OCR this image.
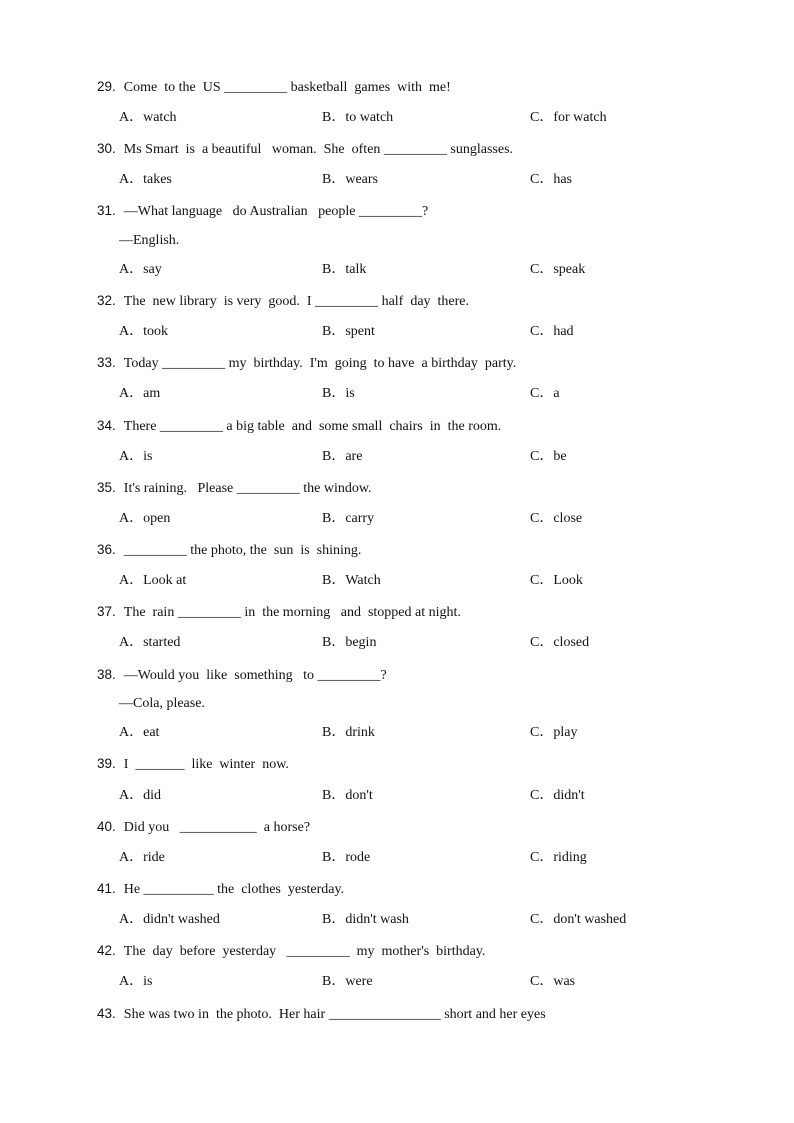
29. Come  to the  US _________ basketball  games  with  me!
A．watch	B．to watch	C．for watch
30. Ms Smart  is  a beautiful   woman.  She  often _________ sunglasses.
A．takes	B．wears	C．has
31. —What language   do Australian   people _________?
—English.
A．say	B．talk	C．speak
32. The  new library  is very  good.  I _________ half  day  there.
A．took	B．spent	C．had
33. Today _________ my  birthday.  I'm  going  to have  a birthday  party.
A．am	B．is	C．a
34. There _________ a big table  and  some small  chairs  in  the room.
A．is	B．are	C．be
35. It's raining.   Please _________ the window.
A．open	B．carry	C．close
36. _________ the photo, the  sun  is  shining.
A．Look at	B．Watch	C．Look
37. The  rain _________ in  the morning   and  stopped at night.
A．started	B．begin	C．closed
38. —Would you  like  something   to _________?
—Cola, please.
A．eat	B．drink	C．play
39. I  _______  like  winter  now.
A．did	B．don't	C．didn't
40. Did you   ___________  a horse?
A．ride	B．rode	C．riding
41. He __________ the  clothes  yesterday.
A．didn't washed	B．didn't wash	C．don't washed
42. The  day  before  yesterday   _________  my  mother's  birthday.
A．is	B．were	C．was
43. She was two in  the photo.  Her hair ________________ short and her eyes
